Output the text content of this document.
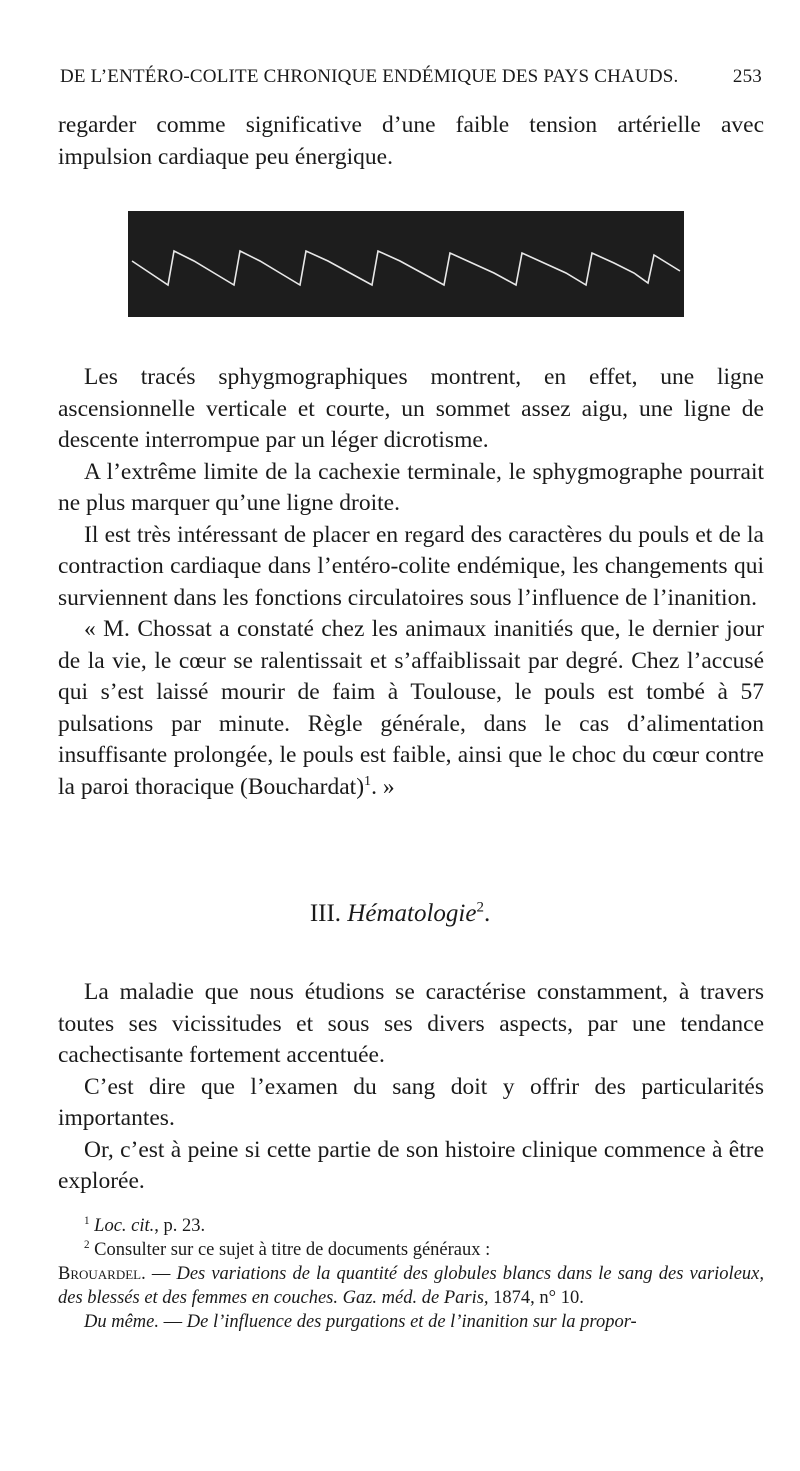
DE L’ENTÉRO-COLITE CHRONIQUE ENDÉMIQUE DES PAYS CHAUDS.	253

regarder comme significative d’une faible tension artérielle avec impulsion cardiaque peu énergique.

Les tracés sphygmographiques montrent, en effet, une ligne ascensionnelle verticale et courte, un sommet assez aigu, une ligne de descente interrompue par un léger dicrotisme.

A l’extrême limite de la cachexie terminale, le sphygmographe pourrait ne plus marquer qu’une ligne droite.

Il est très intéressant de placer en regard des caractères du pouls et de la contraction cardiaque dans l’entéro-colite endémique, les changements qui surviennent dans les fonctions circulatoires sous l’influence de l’inanition.

« M. Chossat a constaté chez les animaux inanitiés que, le dernier jour de la vie, le cœur se ralentissait et s’affaiblissait par degré. Chez l’accusé qui s’est laissé mourir de faim à Toulouse, le pouls est tombé à 57 pulsations par minute. Règle générale, dans le cas d’alimentation insuffisante prolongée, le pouls est faible, ainsi que le choc du cœur contre la paroi thoracique (Bouchardat)$^1$. »

III. Hématologie$^2$.

La maladie que nous étudions se caractérise constamment, à travers toutes ses vicissitudes et sous ses divers aspects, par une tendance cachectisante fortement accentuée.

C’est dire que l’examen du sang doit y offrir des particularités importantes.

Or, c’est à peine si cette partie de son histoire clinique commence à être explorée.

$^1$ Loc. cit., p. 23.

$^2$ Consulter sur ce sujet à titre de documents généraux :

Brouardel. — Des variations de la quantité des globules blancs dans le sang des varioleux, des blessés et des femmes en couches. Gaz. méd. de Paris, 1874, n° 10.

Du même. — De l’influence des purgations et de l’inanition sur la propor-
